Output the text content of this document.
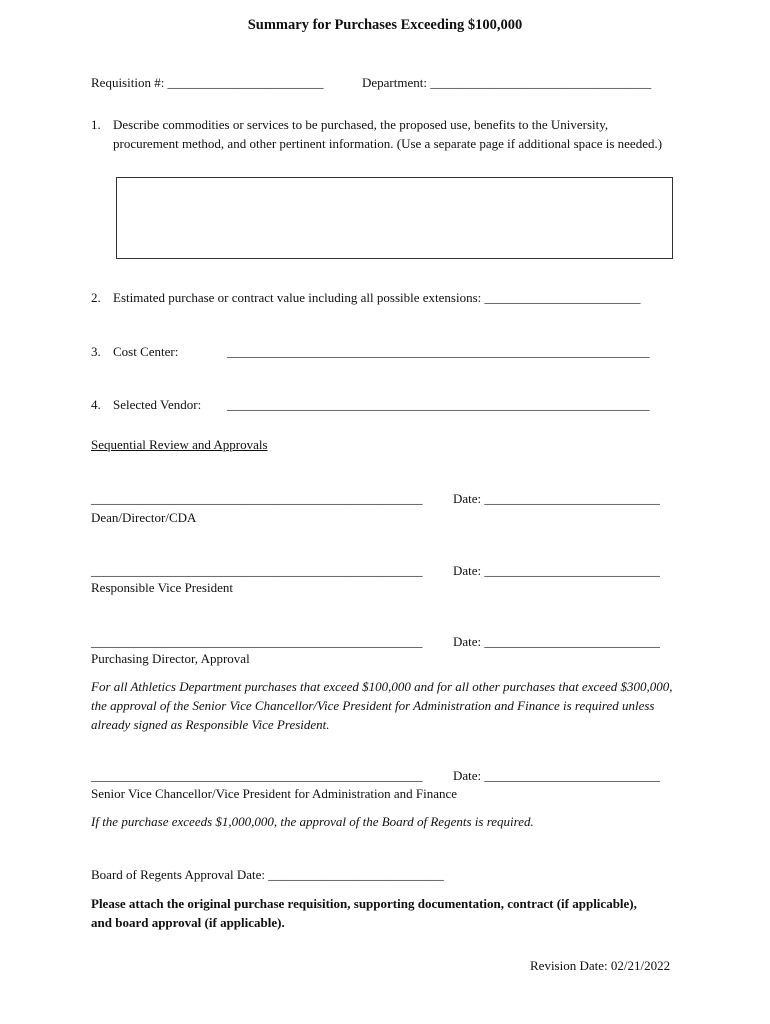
Summary for Purchases Exceeding $100,000
Requisition #: ________________________	Department: __________________________________
1. Describe commodities or services to be purchased, the proposed use, benefits to the University, procurement method, and other pertinent information. (Use a separate page if additional space is needed.)
2. Estimated purchase or contract value including all possible extensions: ________________________
3. Cost Center:	_________________________________________________________________
4. Selected Vendor: _________________________________________________________________
Sequential Review and Approvals
___________________________________________________ Date: ___________________________
Dean/Director/CDA
___________________________________________________ Date: ___________________________
Responsible Vice President
___________________________________________________ Date: ___________________________
Purchasing Director, Approval
For all Athletics Department purchases that exceed $100,000 and for all other purchases that exceed $300,000, the approval of the Senior Vice Chancellor/Vice President for Administration and Finance is required unless already signed as Responsible Vice President.
___________________________________________________ Date: ___________________________
Senior Vice Chancellor/Vice President for Administration and Finance
If the purchase exceeds $1,000,000, the approval of the Board of Regents is required.
Board of Regents Approval Date: ___________________________
Please attach the original purchase requisition, supporting documentation, contract (if applicable), and board approval (if applicable).
Revision Date: 02/21/2022
